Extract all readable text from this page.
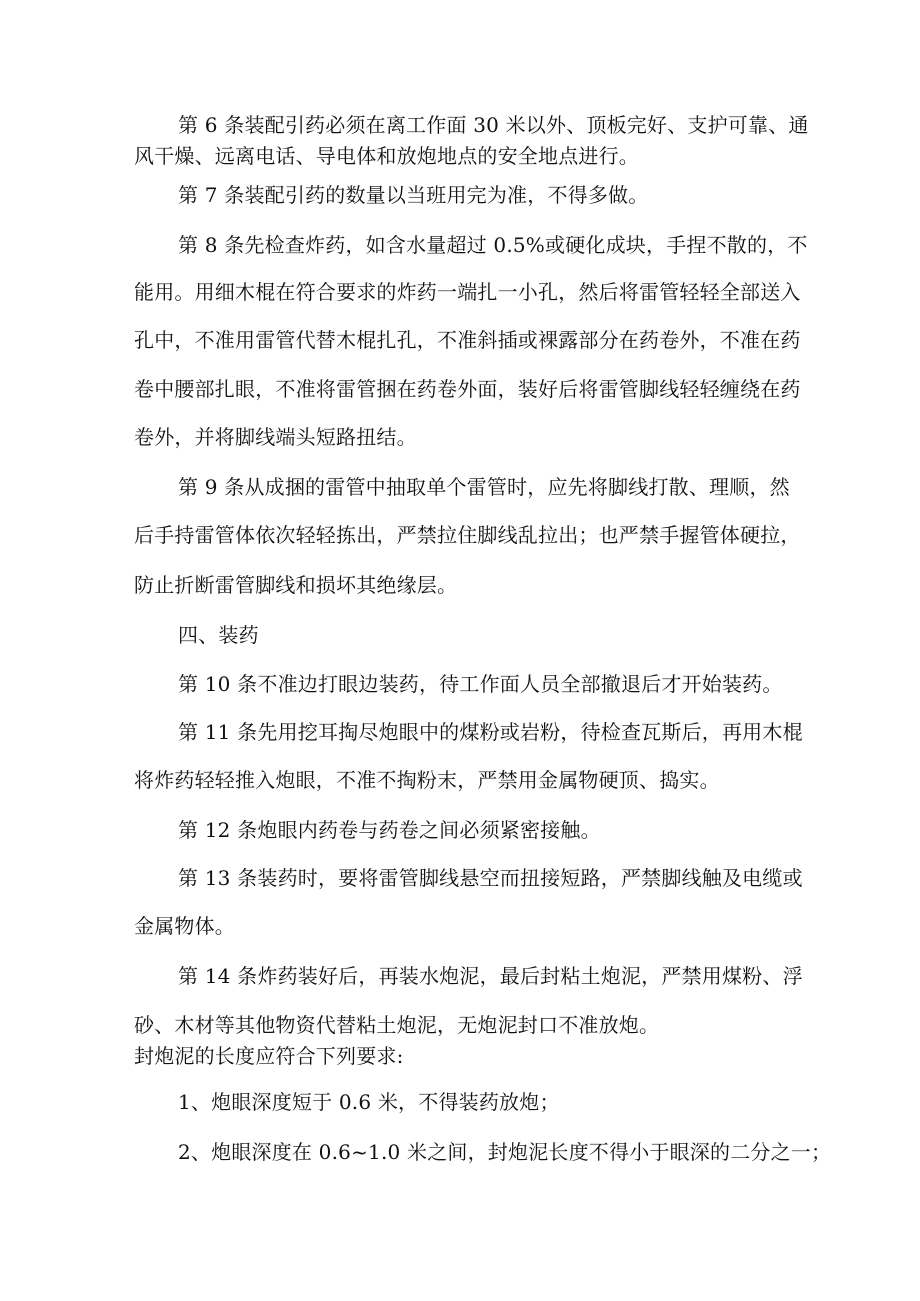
第 6 条装配引药必须在离工作面 30 米以外、顶板完好、支护可靠、通
风干燥、远离电话、导电体和放炮地点的安全地点进行。
第 7 条装配引药的数量以当班用完为准，不得多做。
第 8 条先检查炸药，如含水量超过 0.5%或硬化成块，手捏不散的，不
能用。用细木棍在符合要求的炸药一端扎一小孔，然后将雷管轻轻全部送入
孔中，不准用雷管代替木棍扎孔，不准斜插或裸露部分在药卷外，不准在药
卷中腰部扎眼，不准将雷管捆在药卷外面，装好后将雷管脚线轻轻缠绕在药
卷外，并将脚线端头短路扭结。
第 9 条从成捆的雷管中抽取单个雷管时，应先将脚线打散、理顺，然
后手持雷管体依次轻轻拣出，严禁拉住脚线乱拉出；也严禁手握管体硬拉，
防止折断雷管脚线和损坏其绝缘层。
四、装药
第 10 条不准边打眼边装药，待工作面人员全部撤退后才开始装药。
第 11 条先用挖耳掏尽炮眼中的煤粉或岩粉，待检查瓦斯后，再用木棍
将炸药轻轻推入炮眼，不准不掏粉末，严禁用金属物硬顶、捣实。
第 12 条炮眼内药卷与药卷之间必须紧密接触。
第 13 条装药时，要将雷管脚线悬空而扭接短路，严禁脚线触及电缆或
金属物体。
第 14 条炸药装好后，再装水炮泥，最后封粘土炮泥，严禁用煤粉、浮
砂、木材等其他物资代替粘土炮泥，无炮泥封口不准放炮。
封炮泥的长度应符合下列要求:
1、炮眼深度短于 0.6 米，不得装药放炮；
2、炮眼深度在 0.6~1.0 米之间，封炮泥长度不得小于眼深的二分之一；
